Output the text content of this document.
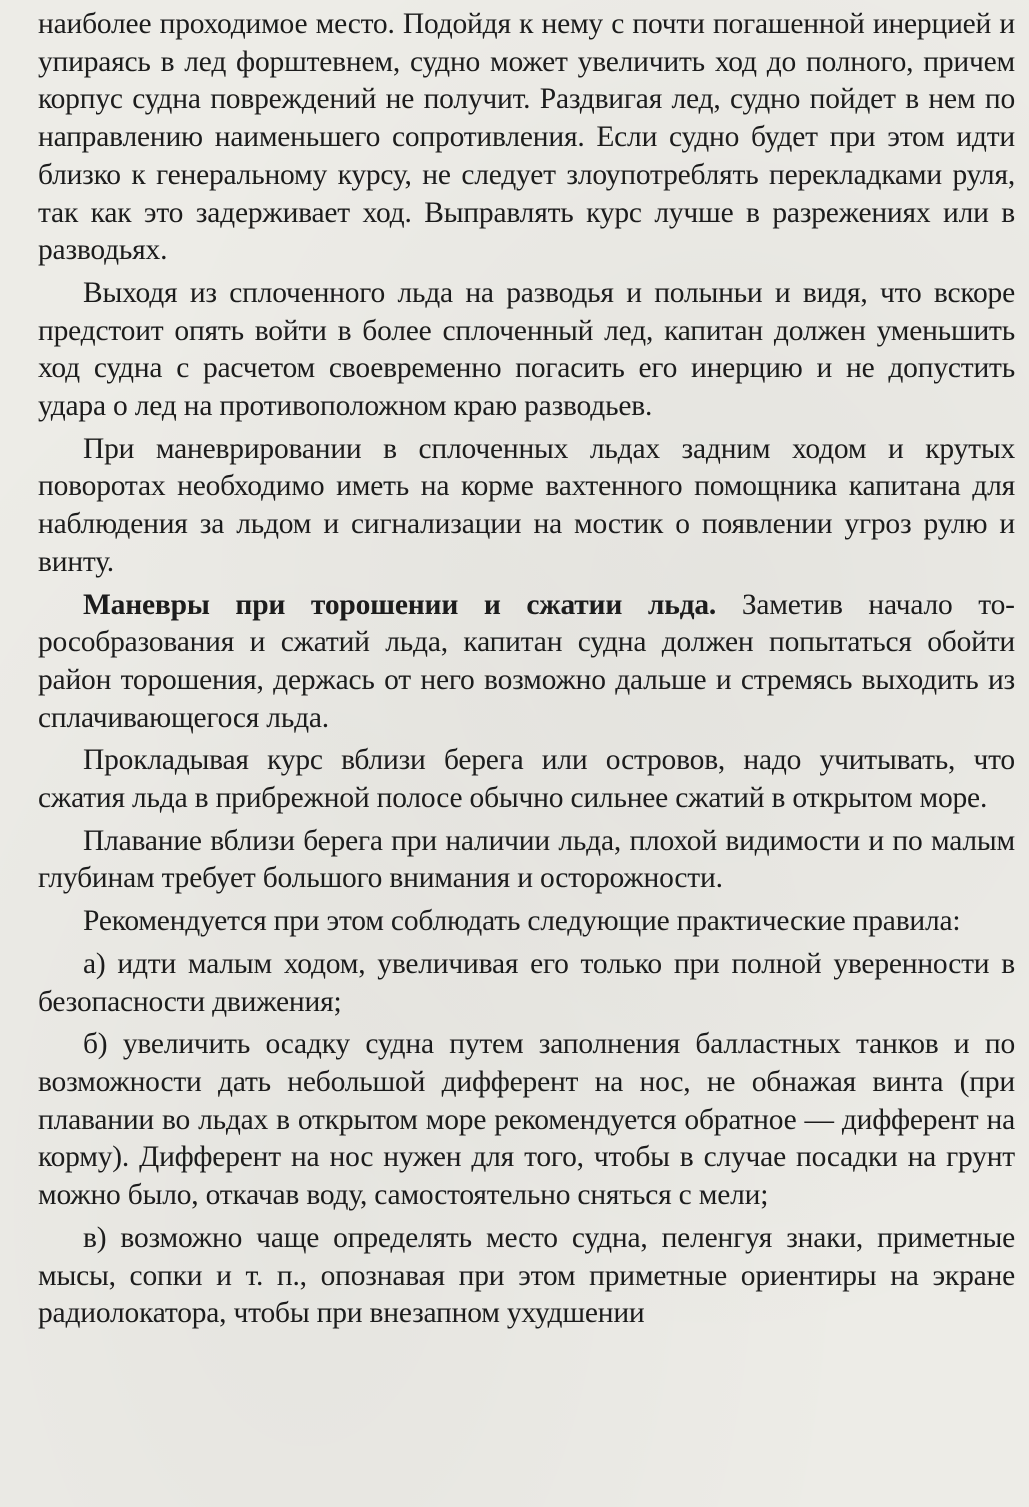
наиболее проходимое место. Подойдя к нему с почти погашенной инерцией и упираясь в лед форштевнем, судно может увеличить ход до полного, причем корпус судна повреждений не получит. Раздвигая лед, судно пойдет в нем по направлению наименьшего сопротивления. Если судно будет при этом идти близко к генеральному курсу, не следует злоупотреблять перекладками руля, так как это задерживает ход. Выправлять курс лучше в разрежениях или в разводьях.

Выходя из сплоченного льда на разводья и полыньи и видя, что вскоре предстоит опять войти в более сплоченный лед, капитан должен уменьшить ход судна с расчетом своевременно погасить его инерцию и не допустить удара о лед на противоположном краю разводьев.

При маневрировании в сплоченных льдах задним ходом и крутых поворотах необходимо иметь на корме вахтенного помощника капитана для наблюдения за льдом и сигнализации на мостик о появлении угроз рулю и винту.

Маневры при торошении и сжатии льда. Заметив начало торособразования и сжатий льда, капитан судна должен попытаться обойти район торошения, держась от него возможно дальше и стремясь выходить из сплачивающегося льда.

Прокладывая курс вблизи берега или островов, надо учитывать, что сжатия льда в прибрежной полосе обычно сильнее сжатий в открытом море.

Плавание вблизи берега при наличии льда, плохой видимости и по малым глубинам требует большого внимания и осторожности.

Рекомендуется при этом соблюдать следующие практические правила:

а) идти малым ходом, увеличивая его только при полной уверенности в безопасности движения;

б) увеличить осадку судна путем заполнения балластных танков и по возможности дать небольшой дифферент на нос, не обнажая винта (при плавании во льдах в открытом море рекомендуется обратное — дифферент на корму). Дифферент на нос нужен для того, чтобы в случае посадки на грунт можно было, откачав воду, самостоятельно сняться с мели;

в) возможно чаще определять место судна, пеленгуя знаки, приметные мысы, сопки и т. п., опознавая при этом приметные ориентиры на экране радиолокатора, чтобы при внезапном ухудшении
